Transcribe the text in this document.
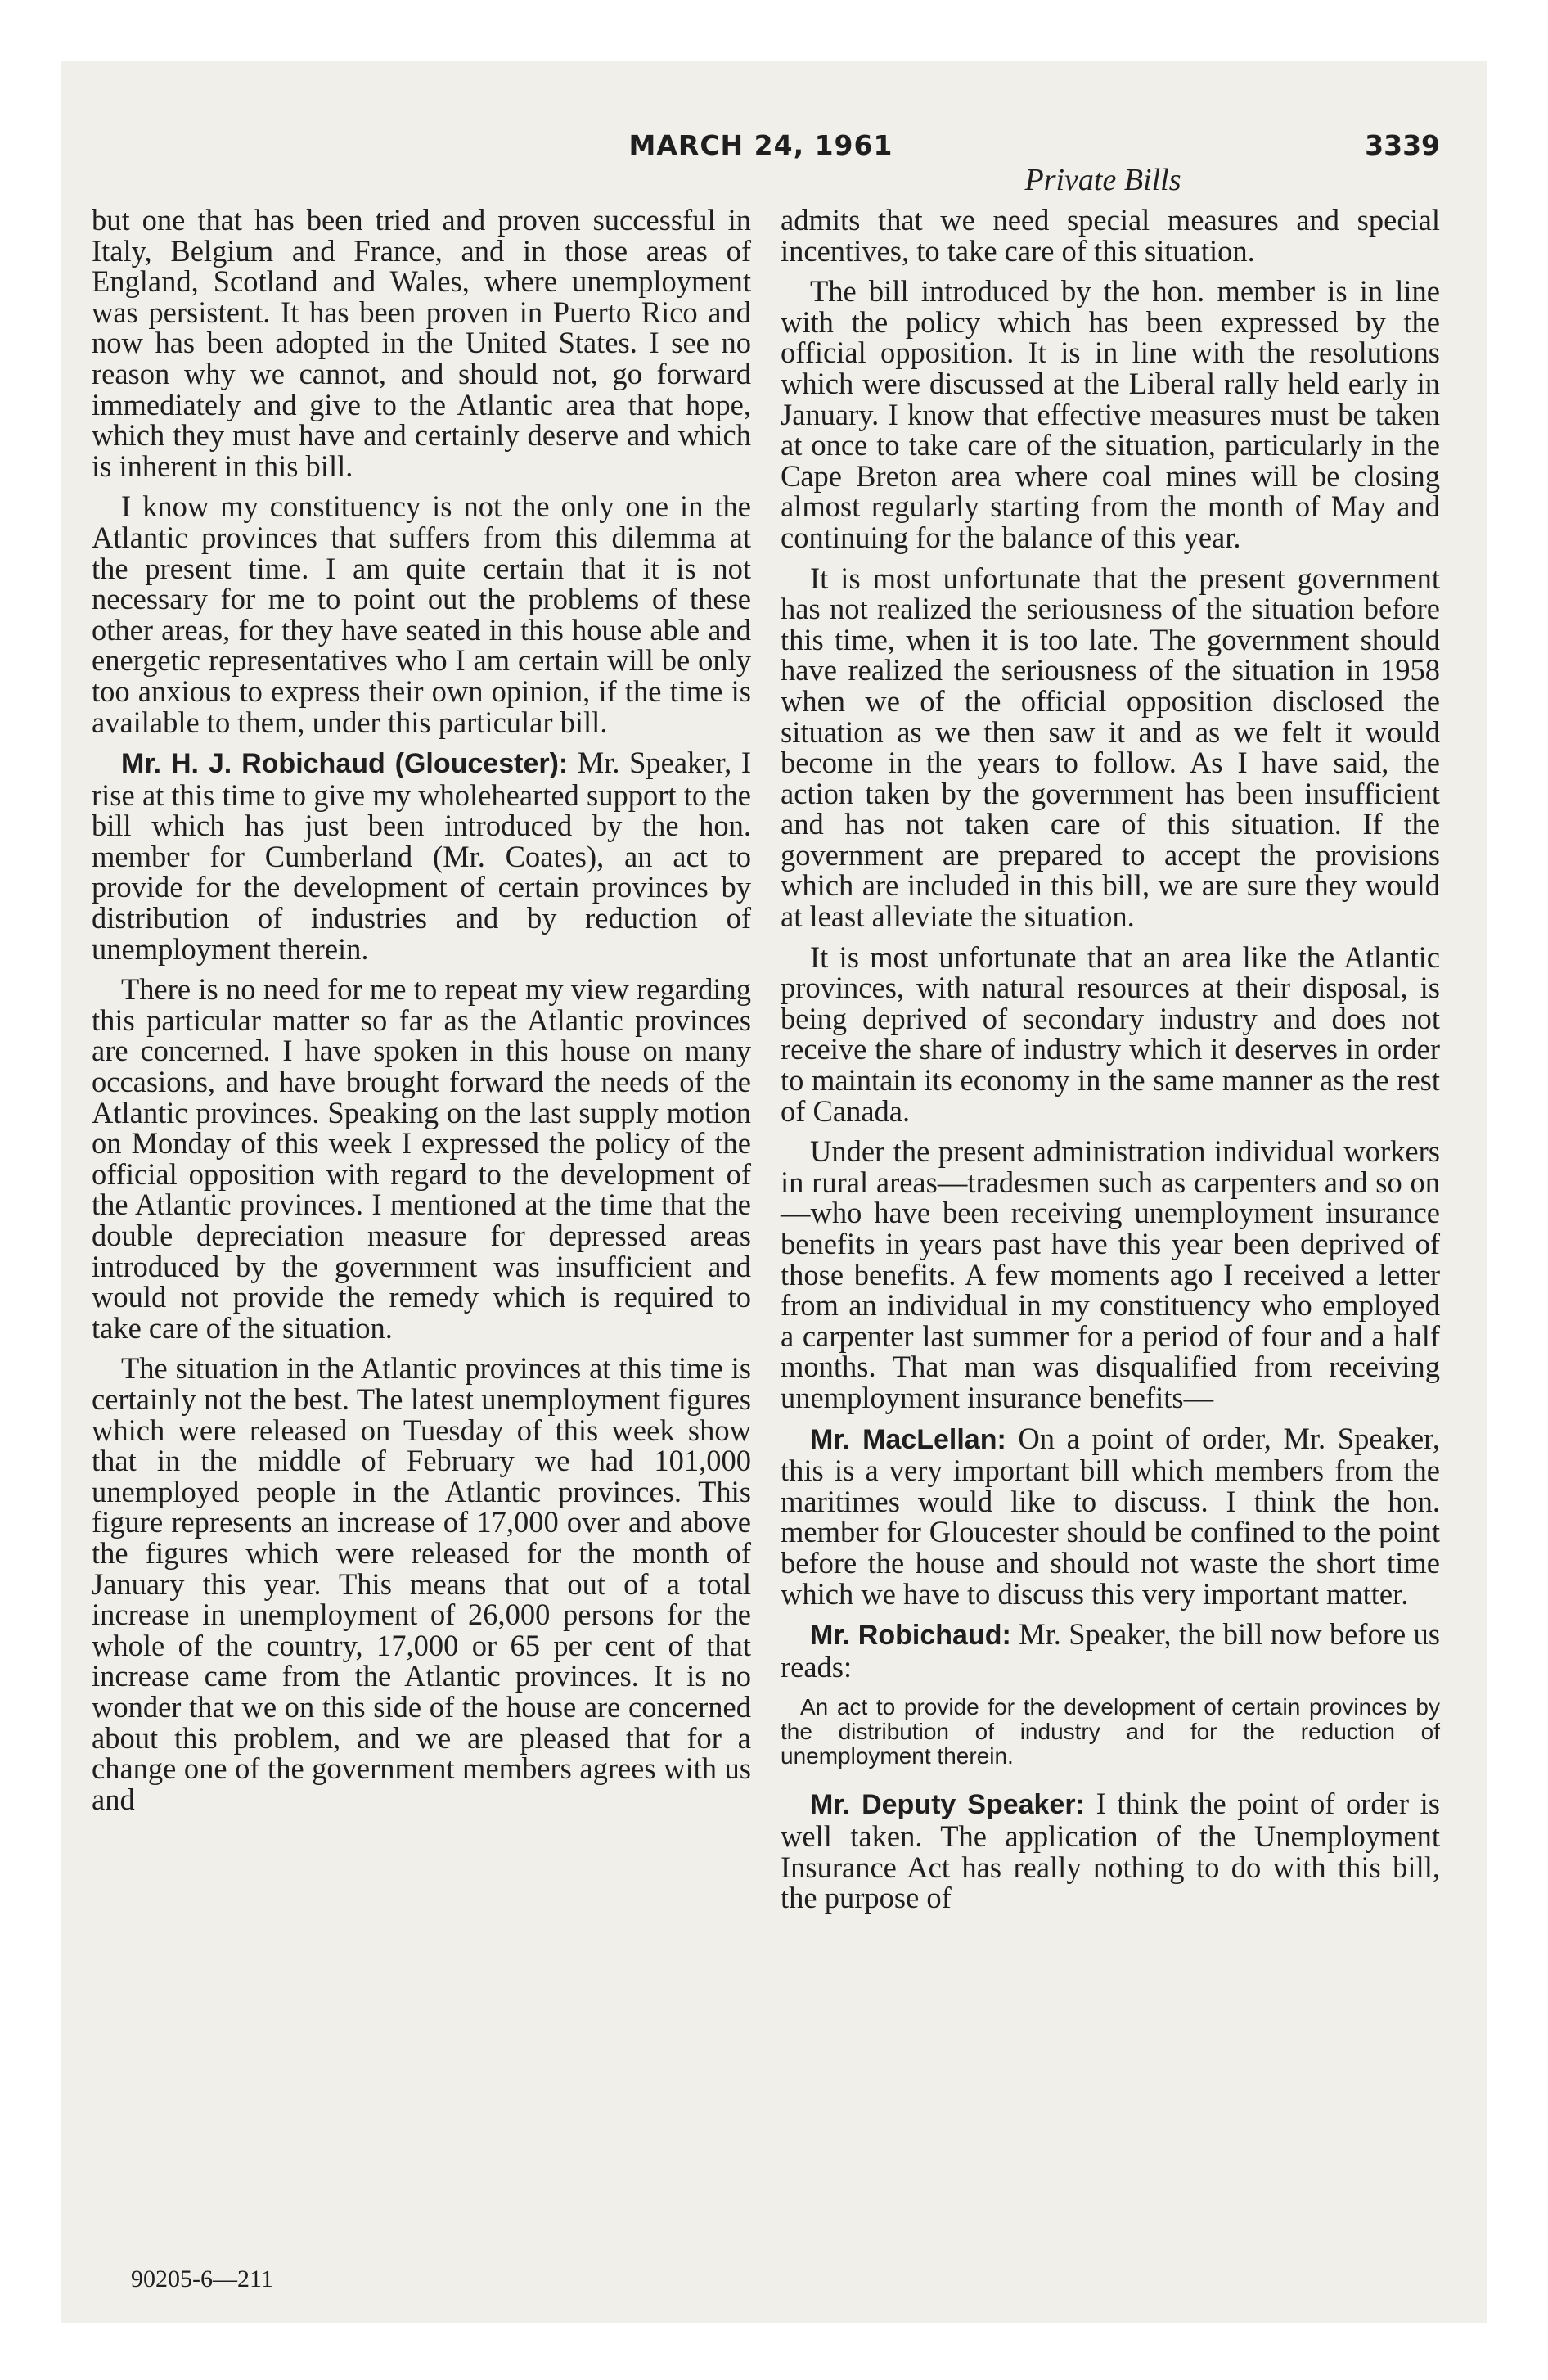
MARCH 24, 1961	3339
Private Bills

but one that has been tried and proven successful in Italy, Belgium and France, and in those areas of England, Scotland and Wales, where unemployment was persistent. It has been proven in Puerto Rico and now has been adopted in the United States. I see no reason why we cannot, and should not, go forward immediately and give to the Atlantic area that hope, which they must have and certainly deserve and which is inherent in this bill.

I know my constituency is not the only one in the Atlantic provinces that suffers from this dilemma at the present time. I am quite certain that it is not necessary for me to point out the problems of these other areas, for they have seated in this house able and energetic representatives who I am certain will be only too anxious to express their own opinion, if the time is available to them, under this particular bill.

Mr. H. J. Robichaud (Gloucester): Mr. Speaker, I rise at this time to give my wholehearted support to the bill which has just been introduced by the hon. member for Cumberland (Mr. Coates), an act to provide for the development of certain provinces by distribution of industries and by reduction of unemployment therein.

There is no need for me to repeat my view regarding this particular matter so far as the Atlantic provinces are concerned. I have spoken in this house on many occasions, and have brought forward the needs of the Atlantic provinces. Speaking on the last supply motion on Monday of this week I expressed the policy of the official opposition with regard to the development of the Atlantic provinces. I mentioned at the time that the double depreciation measure for depressed areas introduced by the government was insufficient and would not provide the remedy which is required to take care of the situation.

The situation in the Atlantic provinces at this time is certainly not the best. The latest unemployment figures which were released on Tuesday of this week show that in the middle of February we had 101,000 unemployed people in the Atlantic provinces. This figure represents an increase of 17,000 over and above the figures which were released for the month of January this year. This means that out of a total increase in unemployment of 26,000 persons for the whole of the country, 17,000 or 65 per cent of that increase came from the Atlantic provinces. It is no wonder that we on this side of the house are concerned about this problem, and we are pleased that for a change one of the government members agrees with us and

admits that we need special measures and special incentives, to take care of this situation.

The bill introduced by the hon. member is in line with the policy which has been expressed by the official opposition. It is in line with the resolutions which were discussed at the Liberal rally held early in January. I know that effective measures must be taken at once to take care of the situation, particularly in the Cape Breton area where coal mines will be closing almost regularly starting from the month of May and continuing for the balance of this year.

It is most unfortunate that the present government has not realized the seriousness of the situation before this time, when it is too late. The government should have realized the seriousness of the situation in 1958 when we of the official opposition disclosed the situation as we then saw it and as we felt it would become in the years to follow. As I have said, the action taken by the government has been insufficient and has not taken care of this situation. If the government are prepared to accept the provisions which are included in this bill, we are sure they would at least alleviate the situation.

It is most unfortunate that an area like the Atlantic provinces, with natural resources at their disposal, is being deprived of secondary industry and does not receive the share of industry which it deserves in order to maintain its economy in the same manner as the rest of Canada.

Under the present administration individual workers in rural areas—tradesmen such as carpenters and so on—who have been receiving unemployment insurance benefits in years past have this year been deprived of those benefits. A few moments ago I received a letter from an individual in my constituency who employed a carpenter last summer for a period of four and a half months. That man was disqualified from receiving unemployment insurance benefits—

Mr. MacLellan: On a point of order, Mr. Speaker, this is a very important bill which members from the maritimes would like to discuss. I think the hon. member for Gloucester should be confined to the point before the house and should not waste the short time which we have to discuss this very important matter.

Mr. Robichaud: Mr. Speaker, the bill now before us reads:

An act to provide for the development of certain provinces by the distribution of industry and for the reduction of unemployment therein.

Mr. Deputy Speaker: I think the point of order is well taken. The application of the Unemployment Insurance Act has really nothing to do with this bill, the purpose of

90205-6—211
